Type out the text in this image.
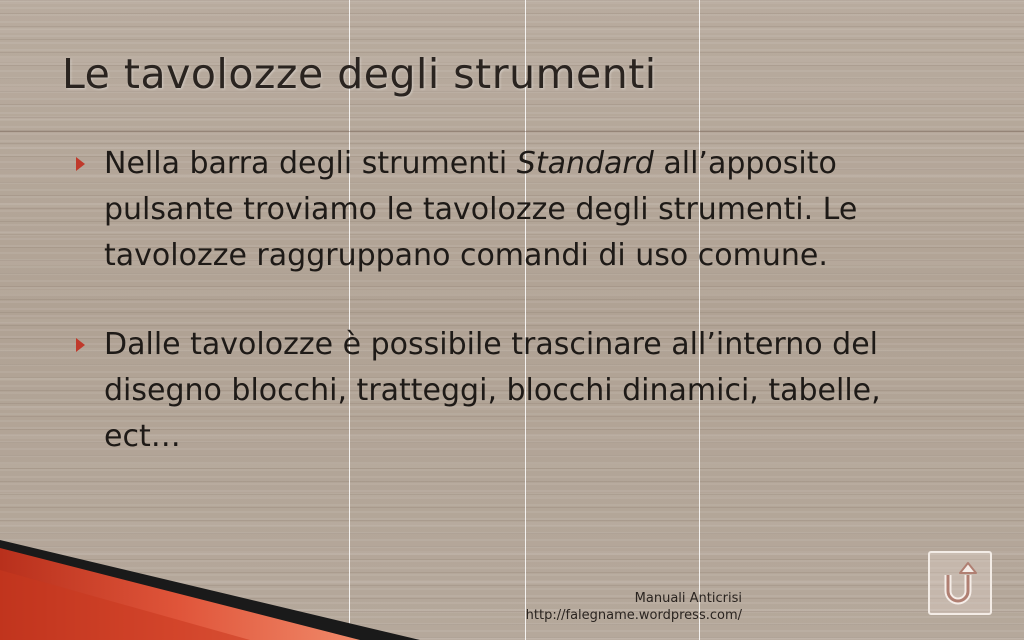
Le tavolozze degli strumenti
Nella barra degli strumenti Standard all’apposito pulsante troviamo le tavolozze degli strumenti. Le tavolozze raggruppano comandi di uso comune.
Dalle tavolozze è possibile trascinare all’interno del disegno blocchi, tratteggi, blocchi dinamici, tabelle, ect…
Manuali Anticrisi
http://falegname.wordpress.com/
